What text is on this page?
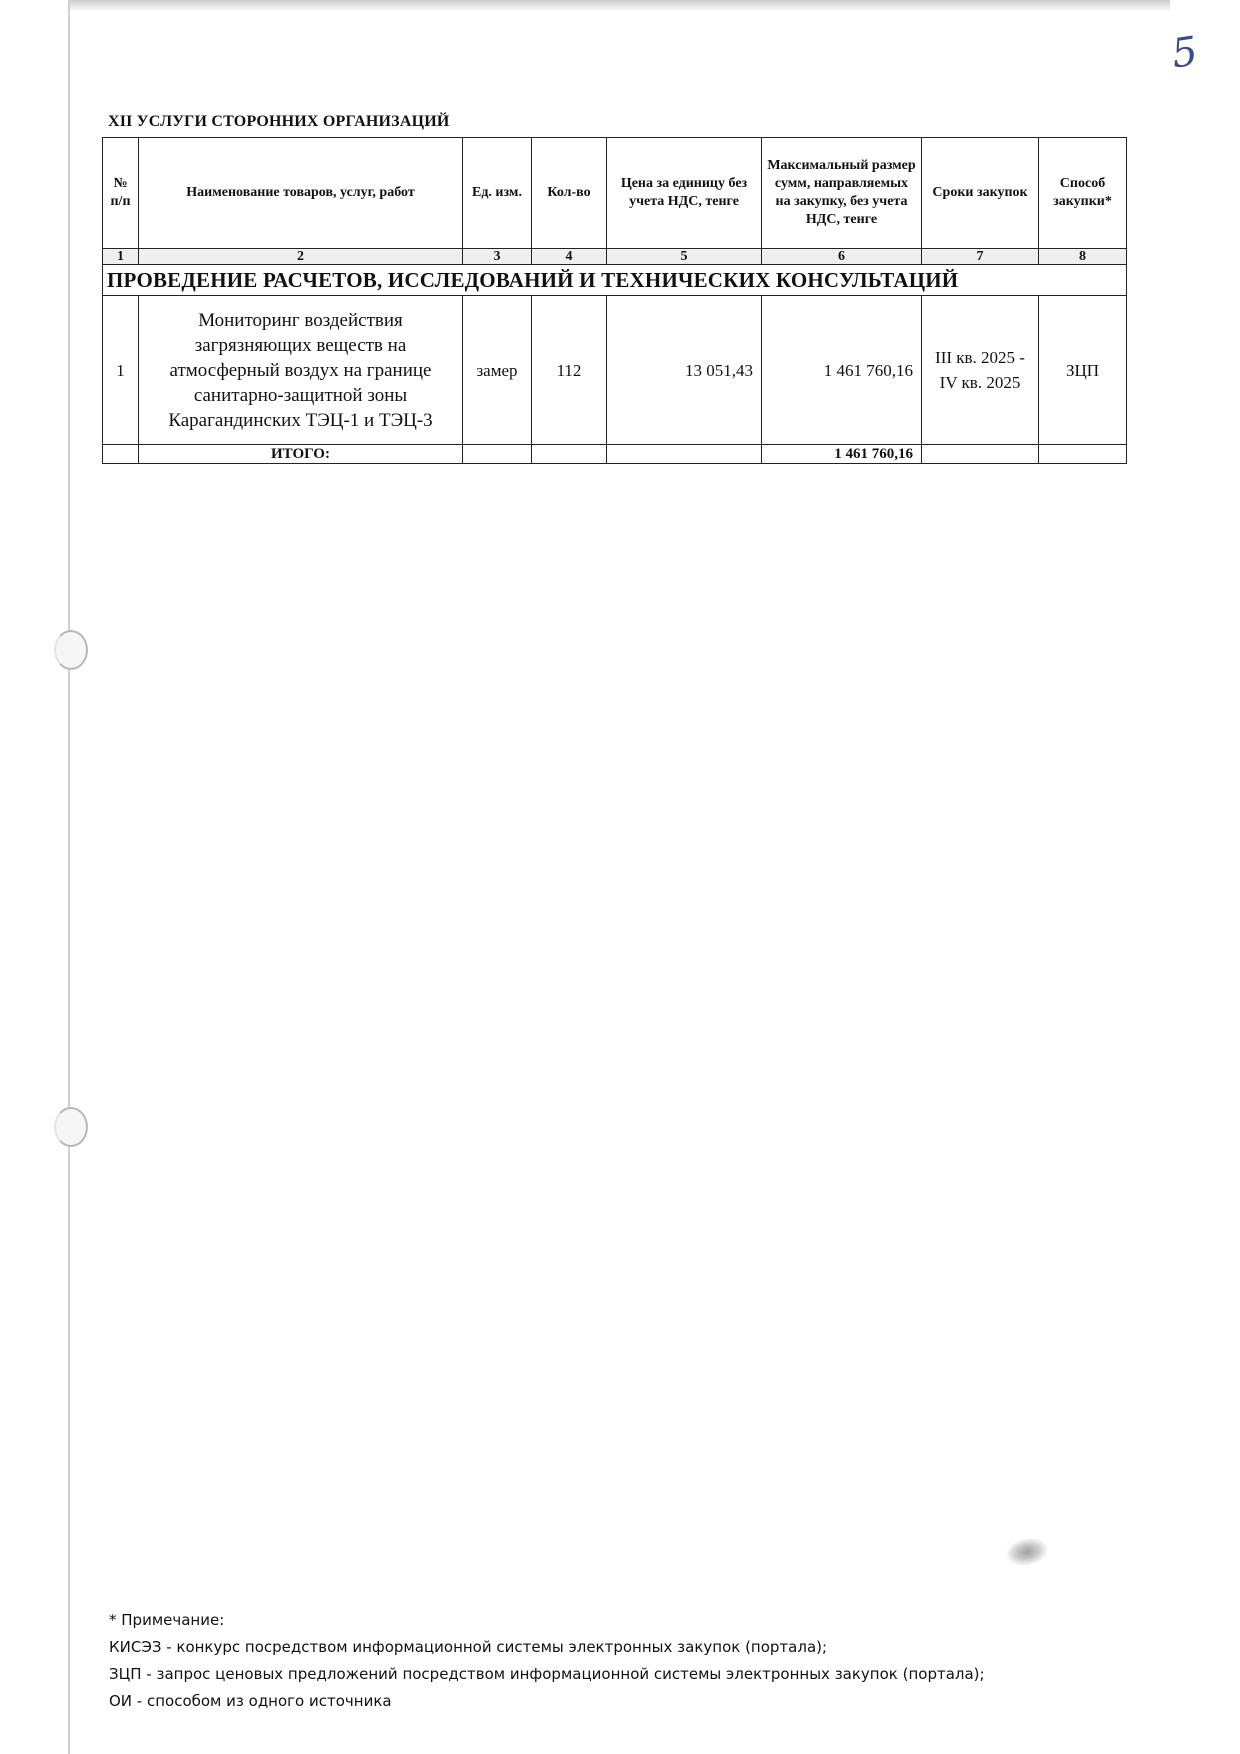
5
XII УСЛУГИ СТОРОННИХ ОРГАНИЗАЦИЙ
№ п/п	Наименование товаров, услуг, работ	Ед. изм.	Кол-во	Цена за единицу без учета НДС, тенге	Максимальный размер сумм, направляемых на закупку, без учета НДС, тенге	Сроки закупок	Способ закупки*
1	2	3	4	5	6	7	8
ПРОВЕДЕНИЕ РАСЧЕТОВ, ИССЛЕДОВАНИЙ И ТЕХНИЧЕСКИХ КОНСУЛЬТАЦИЙ							
1	Мониторинг воздействия загрязняющих веществ на атмосферный воздух на границе санитарно-защитной зоны Карагандинских ТЭЦ-1 и ТЭЦ-3	замер	112	13 051,43	1 461 760,16	III кв. 2025 - IV кв. 2025	ЗЦП
	ИТОГО:				1 461 760,16		
* Примечание:
КИСЭЗ - конкурс посредством информационной системы электронных закупок (портала);
ЗЦП - запрос ценовых предложений посредством информационной системы электронных закупок (портала);
ОИ - способом из одного источника
